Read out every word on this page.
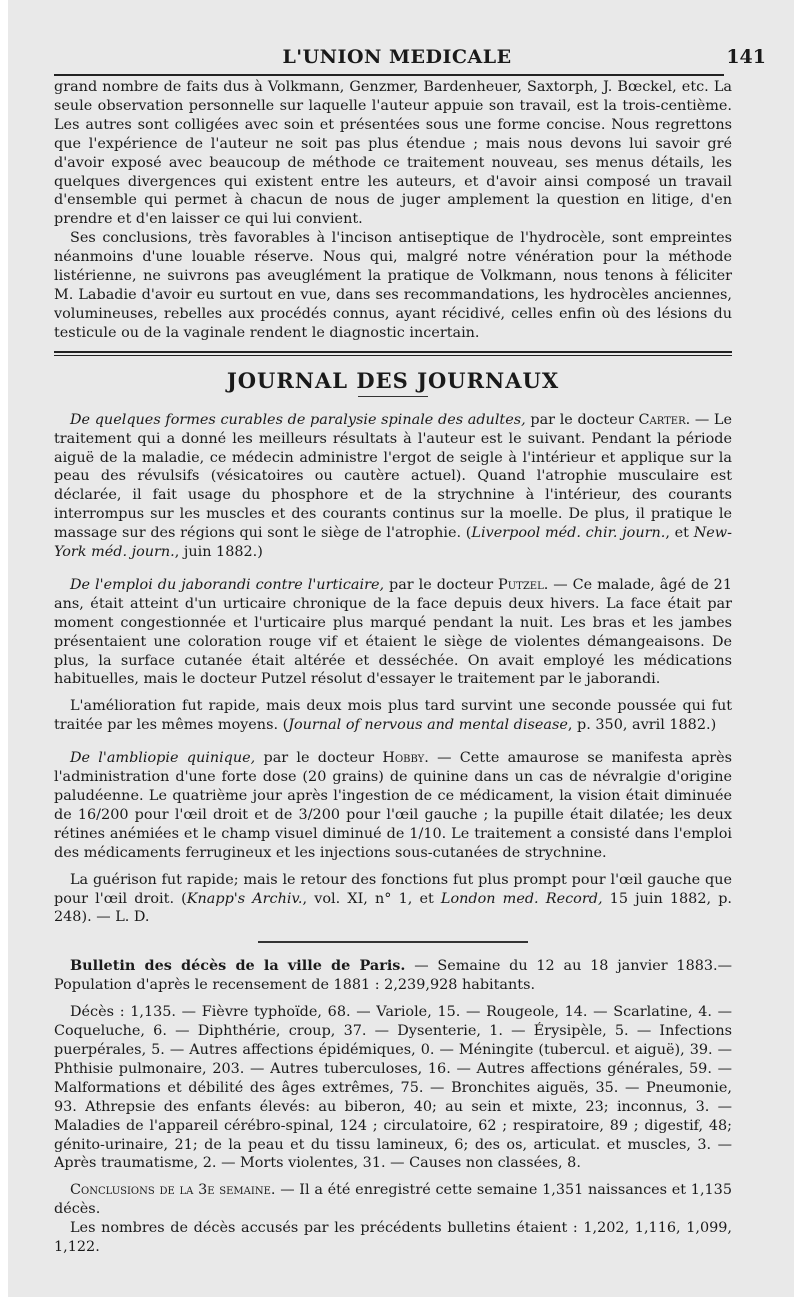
L'UNION MEDICALE	141

grand nombre de faits dus à Volkmann, Genzmer, Bardenheuer, Saxtorph, J. Bœckel, etc. La seule observation personnelle sur laquelle l'auteur appuie son travail, est la trois-centième. Les autres sont colligées avec soin et présentées sous une forme concise. Nous regrettons que l'expérience de l'auteur ne soit pas plus étendue ; mais nous devons lui savoir gré d'avoir exposé avec beaucoup de méthode ce traitement nouveau, ses menus détails, les quelques divergences qui existent entre les auteurs, et d'avoir ainsi composé un travail d'ensemble qui permet à chacun de nous de juger amplement la question en litige, d'en prendre et d'en laisser ce qui lui convient.

Ses conclusions, très favorables à l'incison antiseptique de l'hydrocèle, sont empreintes néanmoins d'une louable réserve. Nous qui, malgré notre vénération pour la méthode listérienne, ne suivrons pas aveuglément la pratique de Volkmann, nous tenons à féliciter M. Labadie d'avoir eu surtout en vue, dans ses recommandations, les hydrocèles anciennes, volumineuses, rebelles aux procédés connus, ayant récidivé, celles enfin où des lésions du testicule ou de la vaginale rendent le diagnostic incertain.

JOURNAL DES JOURNAUX

De quelques formes curables de paralysie spinale des adultes, par le docteur Carter. — Le traitement qui a donné les meilleurs résultats à l'auteur est le suivant. Pendant la période aiguë de la maladie, ce médecin administre l'ergot de seigle à l'intérieur et applique sur la peau des révulsifs (vésicatoires ou cautère actuel). Quand l'atrophie musculaire est déclarée, il fait usage du phosphore et de la strychnine à l'intérieur, des courants interrompus sur les muscles et des courants continus sur la moelle. De plus, il pratique le massage sur des régions qui sont le siège de l'atrophie. (Liverpool méd. chir. journ., et New-York méd. journ., juin 1882.)

De l'emploi du jaborandi contre l'urticaire, par le docteur Putzel. — Ce malade, âgé de 21 ans, était atteint d'un urticaire chronique de la face depuis deux hivers. La face était par moment congestionnée et l'urticaire plus marqué pendant la nuit. Les bras et les jambes présentaient une coloration rouge vif et étaient le siège de violentes démangeaisons. De plus, la surface cutanée était altérée et desséchée. On avait employé les médications habituelles, mais le docteur Putzel résolut d'essayer le traitement par le jaborandi.

L'amélioration fut rapide, mais deux mois plus tard survint une seconde poussée qui fut traitée par les mêmes moyens. (Journal of nervous and mental disease, p. 350, avril 1882.)

De l'ambliopie quinique, par le docteur Hobby. — Cette amaurose se manifesta après l'administration d'une forte dose (20 grains) de quinine dans un cas de névralgie d'origine paludéenne. Le quatrième jour après l'ingestion de ce médicament, la vision était diminuée de 16/200 pour l'œil droit et de 3/200 pour l'œil gauche ; la pupille était dilatée; les deux rétines anémiées et le champ visuel diminué de 1/10. Le traitement a consisté dans l'emploi des médicaments ferrugineux et les injections sous-cutanées de strychnine.

La guérison fut rapide; mais le retour des fonctions fut plus prompt pour l'œil gauche que pour l'œil droit. (Knapp's Archiv., vol. XI, n° 1, et London med. Record, 15 juin 1882, p. 248). — L. D.

Bulletin des décès de la ville de Paris. — Semaine du 12 au 18 janvier 1883.— Population d'après le recensement de 1881 : 2,239,928 habitants.

Décès : 1,135. — Fièvre typhoïde, 68. — Variole, 15. — Rougeole, 14. — Scarlatine, 4. — Coqueluche, 6. — Diphthérie, croup, 37. — Dysenterie, 1. — Érysipèle, 5. — Infections puerpérales, 5. — Autres affections épidémiques, 0. — Méningite (tubercul. et aiguë), 39. — Phthisie pulmonaire, 203. — Autres tuberculoses, 16. — Autres affections générales, 59. — Malformations et débilité des âges extrêmes, 75. — Bronchites aiguës, 35. — Pneumonie, 93. Athrepsie des enfants élevés: au biberon, 40; au sein et mixte, 23; inconnus, 3. — Maladies de l'appareil cérébro-spinal, 124 ; circulatoire, 62 ; respiratoire, 89 ; digestif, 48; génito-urinaire, 21; de la peau et du tissu lamineux, 6; des os, articulat. et muscles, 3. — Après traumatisme, 2. — Morts violentes, 31. — Causes non classées, 8.

Conclusions de la 3e semaine. — Il a été enregistré cette semaine 1,351 naissances et 1,135 décès.

Les nombres de décès accusés par les précédents bulletins étaient : 1,202, 1,116, 1,099, 1,122.
